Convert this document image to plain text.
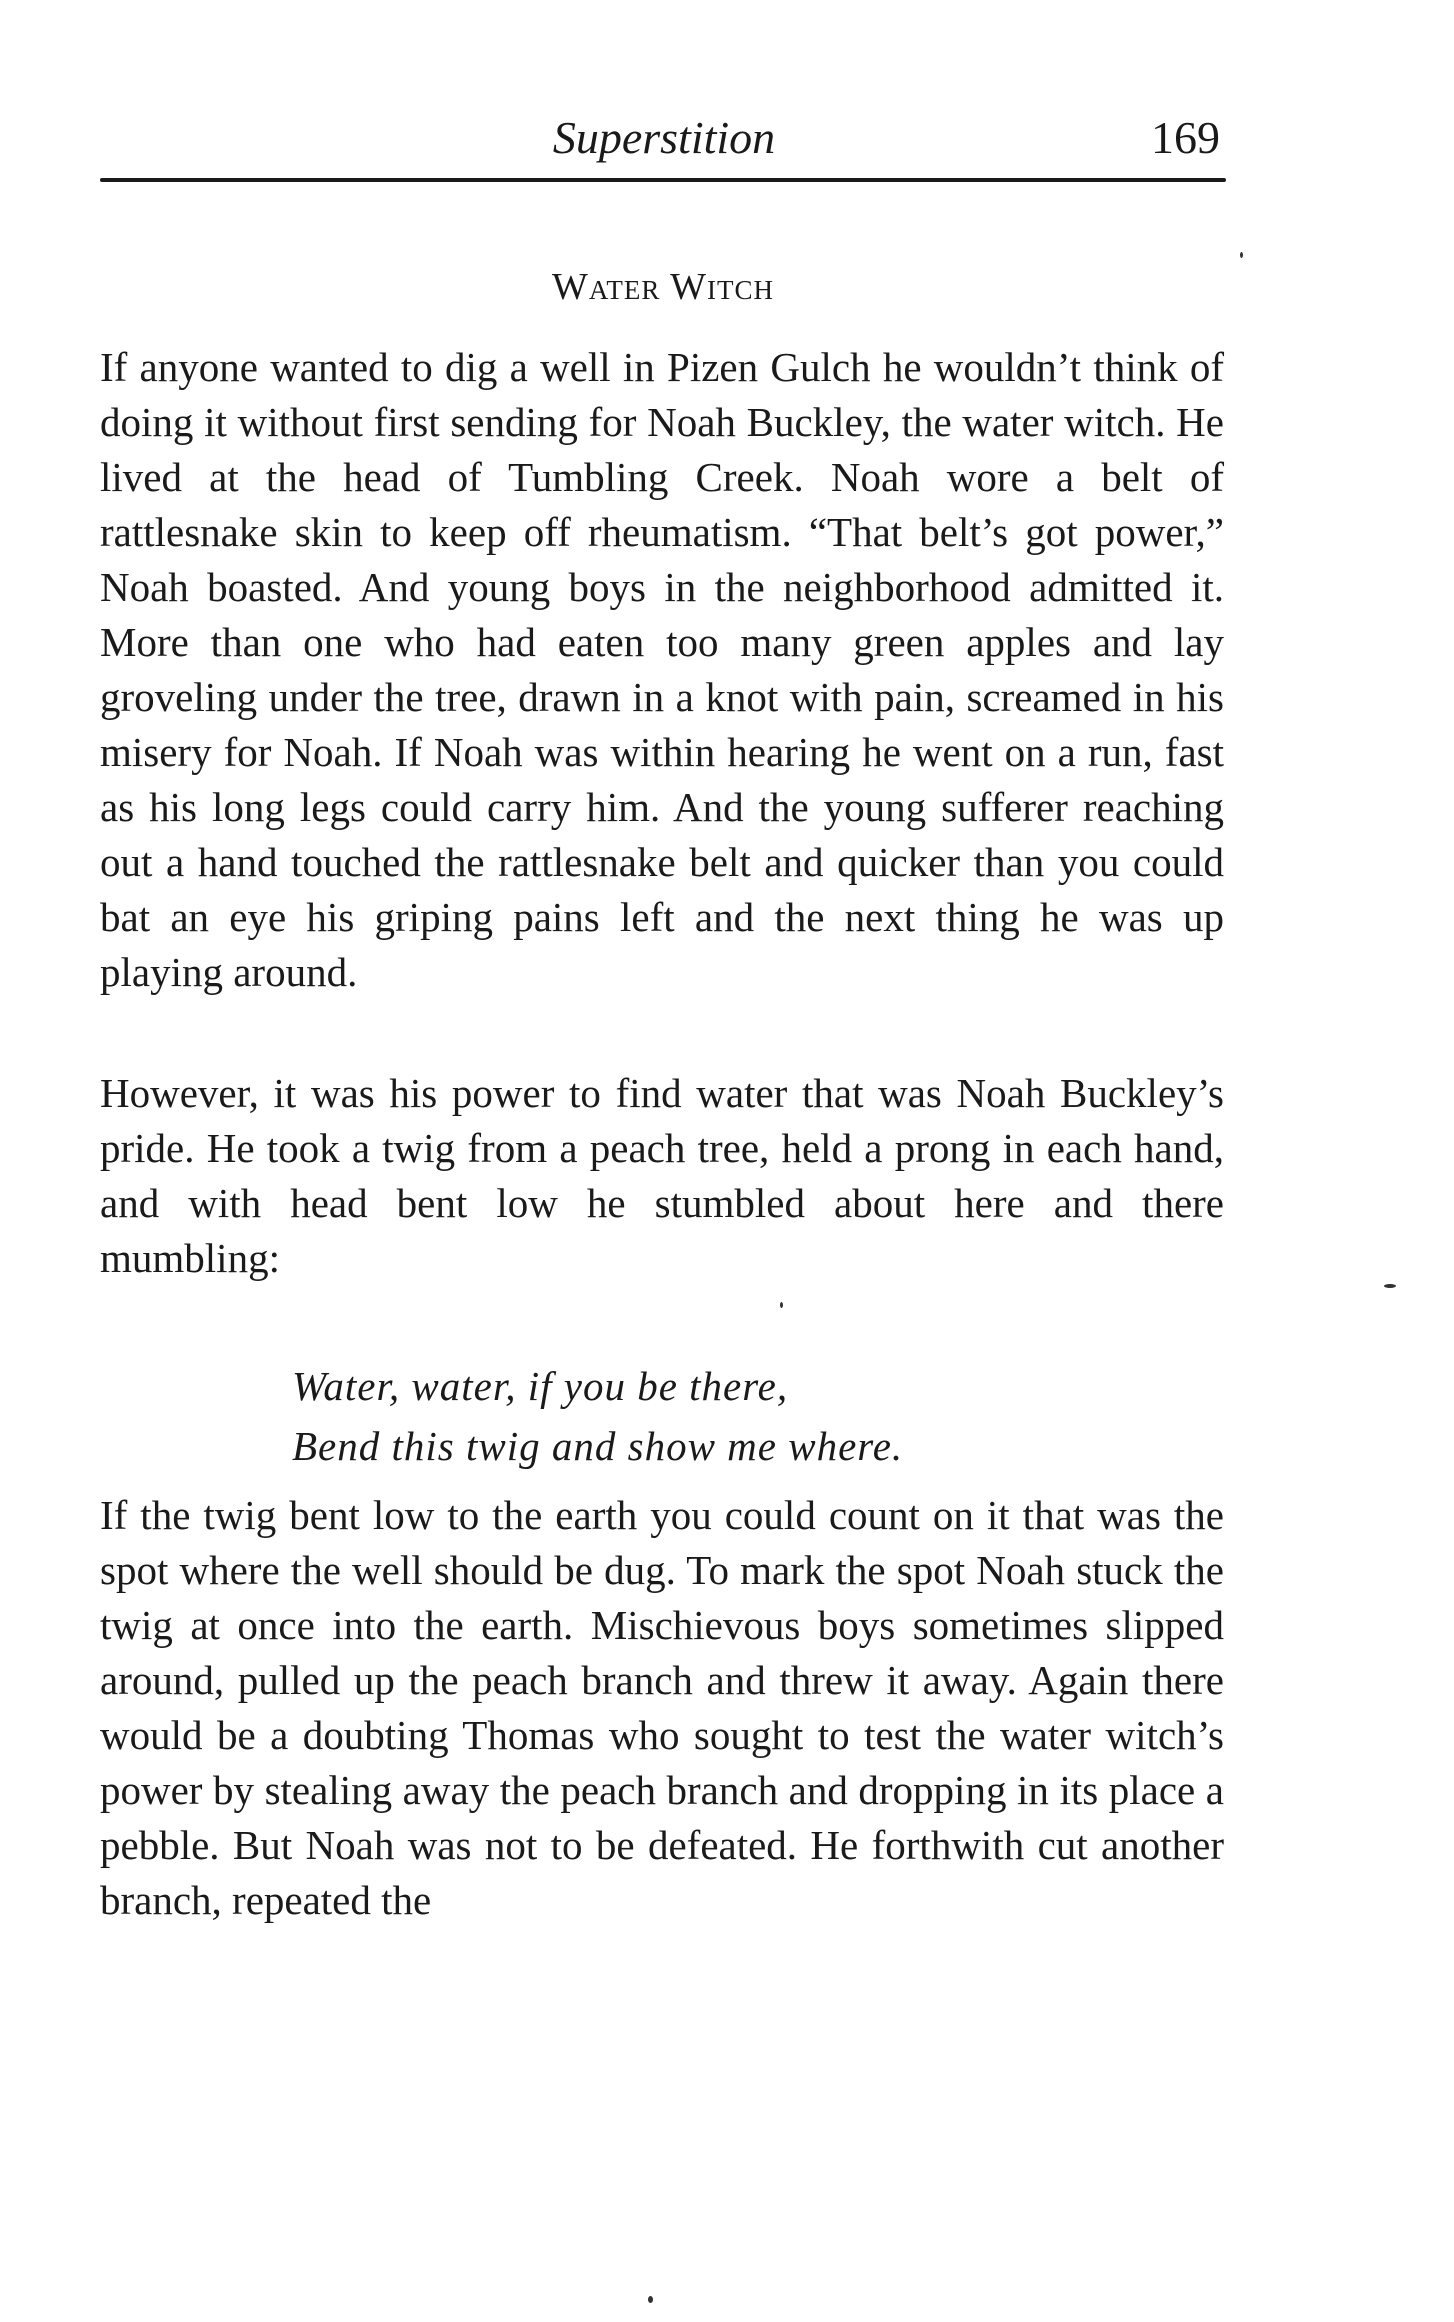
Superstition	169
Water Witch

If anyone wanted to dig a well in Pizen Gulch he wouldn’t think of doing it without first sending for Noah Buckley, the water witch. He lived at the head of Tumbling Creek. Noah wore a belt of rattlesnake skin to keep off rheumatism. “That belt’s got power,” Noah boasted. And young boys in the neighborhood admitted it. More than one who had eaten too many green apples and lay groveling under the tree, drawn in a knot with pain, screamed in his misery for Noah. If Noah was within hearing he went on a run, fast as his long legs could carry him. And the young sufferer reaching out a hand touched the rattlesnake belt and quicker than you could bat an eye his griping pains left and the next thing he was up playing around.

However, it was his power to find water that was Noah Buckley’s pride. He took a twig from a peach tree, held a prong in each hand, and with head bent low he stumbled about here and there mumbling:

Water, water, if you be there,
Bend this twig and show me where.

If the twig bent low to the earth you could count on it that was the spot where the well should be dug. To mark the spot Noah stuck the twig at once into the earth. Mischievous boys sometimes slipped around, pulled up the peach branch and threw it away. Again there would be a doubting Thomas who sought to test the water witch’s power by stealing away the peach branch and dropping in its place a pebble. But Noah was not to be defeated. He forthwith cut another branch, repeated the
